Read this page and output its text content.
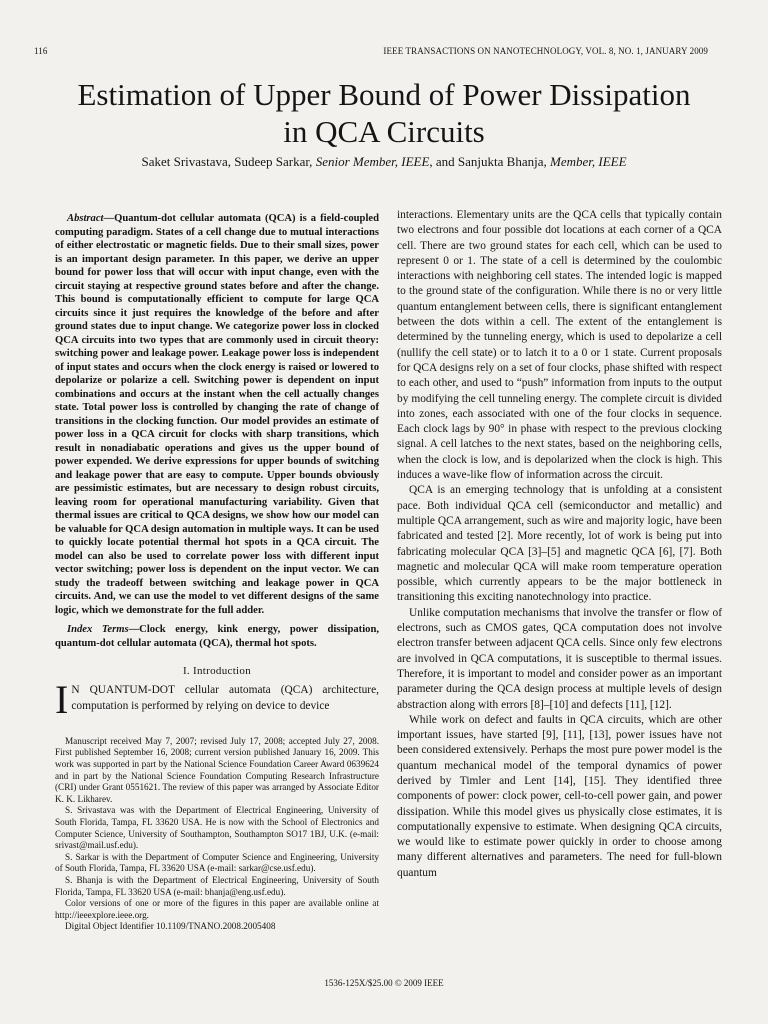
116	IEEE TRANSACTIONS ON NANOTECHNOLOGY, VOL. 8, NO. 1, JANUARY 2009
Estimation of Upper Bound of Power Dissipation
in QCA Circuits
Saket Srivastava, Sudeep Sarkar, Senior Member, IEEE, and Sanjukta Bhanja, Member, IEEE

Abstract—Quantum-dot cellular automata (QCA) is a field-coupled computing paradigm. States of a cell change due to mutual interactions of either electrostatic or magnetic fields. Due to their small sizes, power is an important design parameter. In this paper, we derive an upper bound for power loss that will occur with input change, even with the circuit staying at respective ground states before and after the change. This bound is computationally efficient to compute for large QCA circuits since it just requires the knowledge of the before and after ground states due to input change. We categorize power loss in clocked QCA circuits into two types that are commonly used in circuit theory: switching power and leakage power. Leakage power loss is independent of input states and occurs when the clock energy is raised or lowered to depolarize or polarize a cell. Switching power is dependent on input combinations and occurs at the instant when the cell actually changes state. Total power loss is controlled by changing the rate of change of transitions in the clocking function. Our model provides an estimate of power loss in a QCA circuit for clocks with sharp transitions, which result in nonadiabatic operations and gives us the upper bound of power expended. We derive expressions for upper bounds of switching and leakage power that are easy to compute. Upper bounds obviously are pessimistic estimates, but are necessary to design robust circuits, leaving room for operational manufacturing variability. Given that thermal issues are critical to QCA designs, we show how our model can be valuable for QCA design automation in multiple ways. It can be used to quickly locate potential thermal hot spots in a QCA circuit. The model can also be used to correlate power loss with different input vector switching; power loss is dependent on the input vector. We can study the tradeoff between switching and leakage power in QCA circuits. And, we can use the model to vet different designs of the same logic, which we demonstrate for the full adder.

Index Terms—Clock energy, kink energy, power dissipation, quantum-dot cellular automata (QCA), thermal hot spots.

I. Introduction

I N QUANTUM-DOT cellular automata (QCA) architecture, computation is performed by relying on device to device

Manuscript received May 7, 2007; revised July 17, 2008; accepted July 27, 2008. First published September 16, 2008; current version published January 16, 2009. This work was supported in part by the National Science Foundation Career Award 0639624 and in part by the National Science Foundation Computing Research Infrastructure (CRI) under Grant 0551621. The review of this paper was arranged by Associate Editor K. K. Likharev.

S. Srivastava was with the Department of Electrical Engineering, University of South Florida, Tampa, FL 33620 USA. He is now with the School of Electronics and Computer Science, University of Southampton, Southampton SO17 1BJ, U.K. (e-mail: srivast@mail.usf.edu).

S. Sarkar is with the Department of Computer Science and Engineering, University of South Florida, Tampa, FL 33620 USA (e-mail: sarkar@cse.usf.edu).

S. Bhanja is with the Department of Electrical Engineering, University of South Florida, Tampa, FL 33620 USA (e-mail: bhanja@eng.usf.edu).

Color versions of one or more of the figures in this paper are available online at http://ieeexplore.ieee.org.

Digital Object Identifier 10.1109/TNANO.2008.2005408

interactions. Elementary units are the QCA cells that typically contain two electrons and four possible dot locations at each corner of a QCA cell. There are two ground states for each cell, which can be used to represent 0 or 1. The state of a cell is determined by the coulombic interactions with neighboring cell states. The intended logic is mapped to the ground state of the configuration. While there is no or very little quantum entanglement between cells, there is significant entanglement between the dots within a cell. The extent of the entanglement is determined by the tunneling energy, which is used to depolarize a cell (nullify the cell state) or to latch it to a 0 or 1 state. Current proposals for QCA designs rely on a set of four clocks, phase shifted with respect to each other, and used to “push” information from inputs to the output by modifying the cell tunneling energy. The complete circuit is divided into zones, each associated with one of the four clocks in sequence. Each clock lags by 90° in phase with respect to the previous clocking signal. A cell latches to the next states, based on the neighboring cells, when the clock is low, and is depolarized when the clock is high. This induces a wave-like flow of information across the circuit.

QCA is an emerging technology that is unfolding at a consistent pace. Both individual QCA cell (semiconductor and metallic) and multiple QCA arrangement, such as wire and majority logic, have been fabricated and tested [2]. More recently, lot of work is being put into fabricating molecular QCA [3]–[5] and magnetic QCA [6], [7]. Both magnetic and molecular QCA will make room temperature operation possible, which currently appears to be the major bottleneck in transitioning this exciting nanotechnology into practice.

Unlike computation mechanisms that involve the transfer or flow of electrons, such as CMOS gates, QCA computation does not involve electron transfer between adjacent QCA cells. Since only few electrons are involved in QCA computations, it is susceptible to thermal issues. Therefore, it is important to model and consider power as an important parameter during the QCA design process at multiple levels of design abstraction along with errors [8]–[10] and defects [11], [12].

While work on defect and faults in QCA circuits, which are other important issues, have started [9], [11], [13], power issues have not been considered extensively. Perhaps the most pure power model is the quantum mechanical model of the temporal dynamics of power derived by Timler and Lent [14], [15]. They identified three components of power: clock power, cell-to-cell power gain, and power dissipation. While this model gives us physically close estimates, it is computationally expensive to estimate. When designing QCA circuits, we would like to estimate power quickly in order to choose among many different alternatives and parameters. The need for full-blown quantum

1536-125X/$25.00 © 2009 IEEE
